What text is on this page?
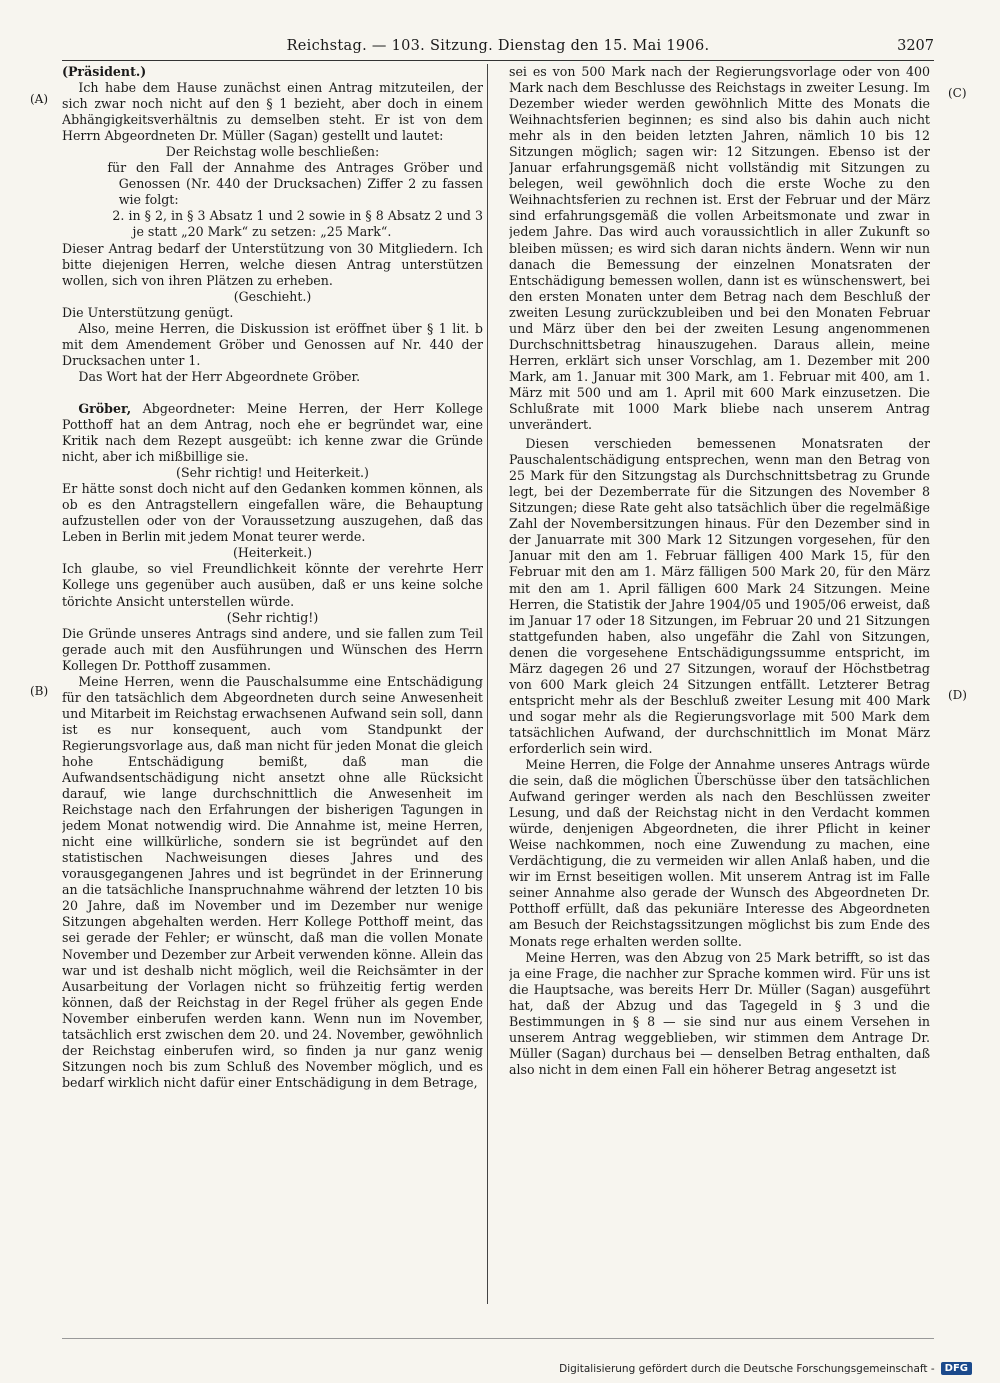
Reichstag. — 103. Sitzung. Dienstag den 15. Mai 1906.	3207
(A)
(B)
(C)
(D)

(Präsident.)

Ich habe dem Hause zunächst einen Antrag mitzuteilen, der sich zwar noch nicht auf den § 1 bezieht, aber doch in einem Abhängigkeitsverhältnis zu demselben steht. Er ist von dem Herrn Abgeordneten Dr. Müller (Sagan) gestellt und lautet:

Der Reichstag wolle beschließen:

für den Fall der Annahme des Antrages Gröber und Genossen (Nr. 440 der Drucksachen) Ziffer 2 zu fassen wie folgt:

2. in § 2, in § 3 Absatz 1 und 2 sowie in § 8 Absatz 2 und 3 je statt „20 Mark“ zu setzen: „25 Mark“.

Dieser Antrag bedarf der Unterstützung von 30 Mitgliedern. Ich bitte diejenigen Herren, welche diesen Antrag unterstützen wollen, sich von ihren Plätzen zu erheben.

(Geschieht.)

Die Unterstützung genügt.

Also, meine Herren, die Diskussion ist eröffnet über § 1 lit. b mit dem Amendement Gröber und Genossen auf Nr. 440 der Drucksachen unter 1.

Das Wort hat der Herr Abgeordnete Gröber.

Gröber, Abgeordneter: Meine Herren, der Herr Kollege Potthoff hat an dem Antrag, noch ehe er begründet war, eine Kritik nach dem Rezept ausgeübt: ich kenne zwar die Gründe nicht, aber ich mißbillige sie.

(Sehr richtig! und Heiterkeit.)

Er hätte sonst doch nicht auf den Gedanken kommen können, als ob es den Antragstellern eingefallen wäre, die Behauptung aufzustellen oder von der Voraussetzung auszugehen, daß das Leben in Berlin mit jedem Monat teurer werde.

(Heiterkeit.)

Ich glaube, so viel Freundlichkeit könnte der verehrte Herr Kollege uns gegenüber auch ausüben, daß er uns keine solche törichte Ansicht unterstellen würde.

(Sehr richtig!)

Die Gründe unseres Antrags sind andere, und sie fallen zum Teil gerade auch mit den Ausführungen und Wünschen des Herrn Kollegen Dr. Potthoff zusammen.

Meine Herren, wenn die Pauschalsumme eine Entschädigung für den tatsächlich dem Abgeordneten durch seine Anwesenheit und Mitarbeit im Reichstag erwachsenen Aufwand sein soll, dann ist es nur konsequent, auch vom Standpunkt der Regierungsvorlage aus, daß man nicht für jeden Monat die gleich hohe Entschädigung bemißt, daß man die Aufwandsentschädigung nicht ansetzt ohne alle Rücksicht darauf, wie lange durchschnittlich die Anwesenheit im Reichstage nach den Erfahrungen der bisherigen Tagungen in jedem Monat notwendig wird. Die Annahme ist, meine Herren, nicht eine willkürliche, sondern sie ist begründet auf den statistischen Nachweisungen dieses Jahres und des vorausgegangenen Jahres und ist begründet in der Erinnerung an die tatsächliche Inanspruchnahme während der letzten 10 bis 20 Jahre, daß im November und im Dezember nur wenige Sitzungen abgehalten werden. Herr Kollege Potthoff meint, das sei gerade der Fehler; er wünscht, daß man die vollen Monate November und Dezember zur Arbeit verwenden könne. Allein das war und ist deshalb nicht möglich, weil die Reichsämter in der Ausarbeitung der Vorlagen nicht so frühzeitig fertig werden können, daß der Reichstag in der Regel früher als gegen Ende November einberufen werden kann. Wenn nun im November, tatsächlich erst zwischen dem 20. und 24. November, gewöhnlich der Reichstag einberufen wird, so finden ja nur ganz wenig Sitzungen noch bis zum Schluß des November möglich, und es bedarf wirklich nicht dafür einer Entschädigung in dem Betrage,

sei es von 500 Mark nach der Regierungsvorlage oder von 400 Mark nach dem Beschlusse des Reichstags in zweiter Lesung. Im Dezember wieder werden gewöhnlich Mitte des Monats die Weihnachtsferien beginnen; es sind also bis dahin auch nicht mehr als in den beiden letzten Jahren, nämlich 10 bis 12 Sitzungen möglich; sagen wir: 12 Sitzungen. Ebenso ist der Januar erfahrungsgemäß nicht vollständig mit Sitzungen zu belegen, weil gewöhnlich doch die erste Woche zu den Weihnachtsferien zu rechnen ist. Erst der Februar und der März sind erfahrungsgemäß die vollen Arbeitsmonate und zwar in jedem Jahre. Das wird auch voraussichtlich in aller Zukunft so bleiben müssen; es wird sich daran nichts ändern. Wenn wir nun danach die Bemessung der einzelnen Monatsraten der Entschädigung bemessen wollen, dann ist es wünschenswert, bei den ersten Monaten unter dem Betrag nach dem Beschluß der zweiten Lesung zurückzubleiben und bei den Monaten Februar und März über den bei der zweiten Lesung angenommenen Durchschnittsbetrag hinauszugehen. Daraus allein, meine Herren, erklärt sich unser Vorschlag, am 1. Dezember mit 200 Mark, am 1. Januar mit 300 Mark, am 1. Februar mit 400, am 1. März mit 500 und am 1. April mit 600 Mark einzusetzen. Die Schlußrate mit 1000 Mark bliebe nach unserem Antrag unverändert.

Diesen verschieden bemessenen Monatsraten der Pauschalentschädigung entsprechen, wenn man den Betrag von 25 Mark für den Sitzungstag als Durchschnittsbetrag zu Grunde legt, bei der Dezemberrate für die Sitzungen des November 8 Sitzungen; diese Rate geht also tatsächlich über die regelmäßige Zahl der Novembersitzungen hinaus. Für den Dezember sind in der Januarrate mit 300 Mark 12 Sitzungen vorgesehen, für den Januar mit den am 1. Februar fälligen 400 Mark 15, für den Februar mit den am 1. März fälligen 500 Mark 20, für den März mit den am 1. April fälligen 600 Mark 24 Sitzungen. Meine Herren, die Statistik der Jahre 1904/05 und 1905/06 erweist, daß im Januar 17 oder 18 Sitzungen, im Februar 20 und 21 Sitzungen stattgefunden haben, also ungefähr die Zahl von Sitzungen, denen die vorgesehene Entschädigungssumme entspricht, im März dagegen 26 und 27 Sitzungen, worauf der Höchstbetrag von 600 Mark gleich 24 Sitzungen entfällt. Letzterer Betrag entspricht mehr als der Beschluß zweiter Lesung mit 400 Mark und sogar mehr als die Regierungsvorlage mit 500 Mark dem tatsächlichen Aufwand, der durchschnittlich im Monat März erforderlich sein wird.

Meine Herren, die Folge der Annahme unseres Antrags würde die sein, daß die möglichen Überschüsse über den tatsächlichen Aufwand geringer werden als nach den Beschlüssen zweiter Lesung, und daß der Reichstag nicht in den Verdacht kommen würde, denjenigen Abgeordneten, die ihrer Pflicht in keiner Weise nachkommen, noch eine Zuwendung zu machen, eine Verdächtigung, die zu vermeiden wir allen Anlaß haben, und die wir im Ernst beseitigen wollen. Mit unserem Antrag ist im Falle seiner Annahme also gerade der Wunsch des Abgeordneten Dr. Potthoff erfüllt, daß das pekuniäre Interesse des Abgeordneten am Besuch der Reichstagssitzungen möglichst bis zum Ende des Monats rege erhalten werden sollte.

Meine Herren, was den Abzug von 25 Mark betrifft, so ist das ja eine Frage, die nachher zur Sprache kommen wird. Für uns ist die Hauptsache, was bereits Herr Dr. Müller (Sagan) ausgeführt hat, daß der Abzug und das Tagegeld in § 3 und die Bestimmungen in § 8 — sie sind nur aus einem Versehen in unserem Antrag weggeblieben, wir stimmen dem Antrage Dr. Müller (Sagan) durchaus bei — denselben Betrag enthalten, daß also nicht in dem einen Fall ein höherer Betrag angesetzt ist

Digitalisierung gefördert durch die Deutsche Forschungsgemeinschaft -	DFG
